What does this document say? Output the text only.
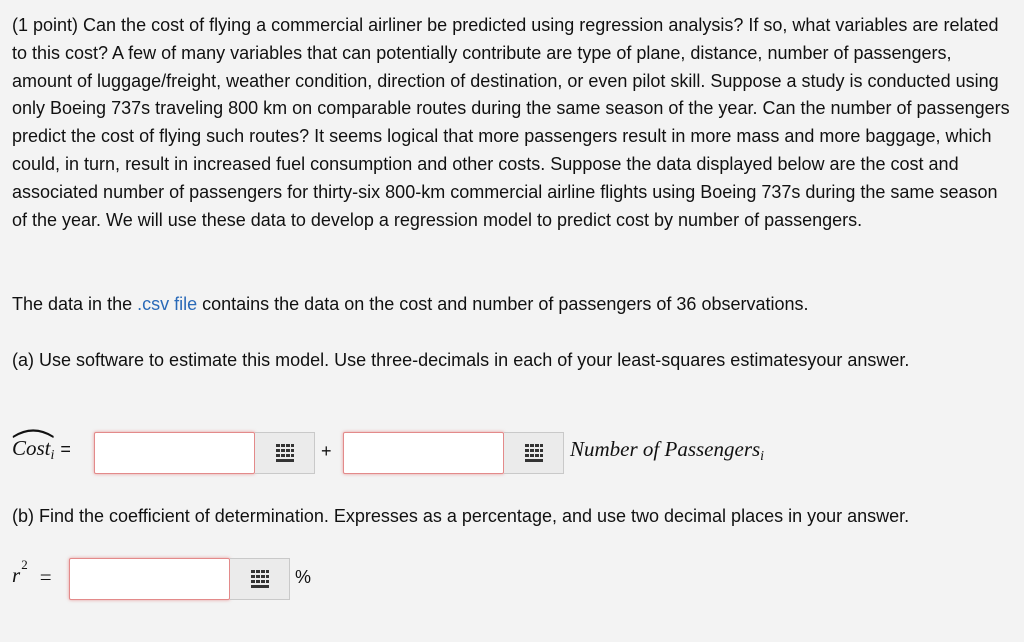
(1 point) Can the cost of flying a commercial airliner be predicted using regression analysis? If so, what variables are related to this cost? A few of many variables that can potentially contribute are type of plane, distance, number of passengers, amount of luggage/freight, weather condition, direction of destination, or even pilot skill. Suppose a study is conducted using only Boeing 737s traveling 800 km on comparable routes during the same season of the year. Can the number of passengers predict the cost of flying such routes? It seems logical that more passengers result in more mass and more baggage, which could, in turn, result in increased fuel consumption and other costs. Suppose the data displayed below are the cost and associated number of passengers for thirty-six 800-km commercial airline flights using Boeing 737s during the same season of the year. We will use these data to develop a regression model to predict cost by number of passengers.

The data in the .csv file contains the data on the cost and number of passengers of 36 observations.

(a) Use software to estimate this model. Use three-decimals in each of your least-squares estimatesyour answer.

Costi =	+	Number of Passengersi

(b) Find the coefficient of determination. Expresses as a percentage, and use two decimal places in your answer.

r 2
=	%
